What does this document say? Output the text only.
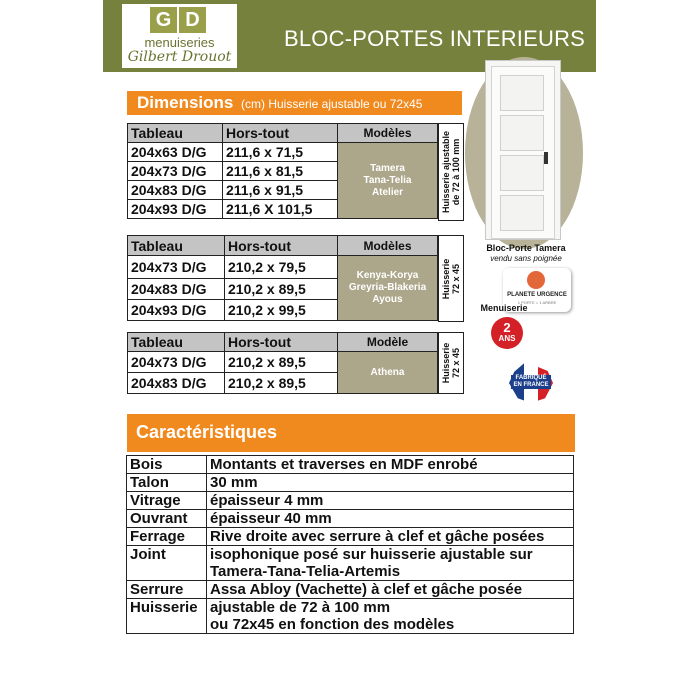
G D
menuiseries
Gilbert Drouot
BLOC-PORTES INTERIEURS
Dimensions (cm) Huisserie ajustable ou 72x45
Tableau	Hors-tout	Modèles
204x63 D/G	211,6 x 71,5	Tamera
Tana-Telia
Atelier

204x73 D/G	211,6 x 81,5	
204x83 D/G	211,6 x 91,5	
204x93 D/G	211,6 X 101,5		Huisserie ajustable de 72 à 100 mm
Tableau	Hors-tout	Modèles
204x73 D/G	210,2 x 79,5	Kenya-Korya
Greyria-Blakeria
Ayous

204x83 D/G	210,2 x 89,5	
204x93 D/G	210,2 x 99,5	
Huisserie 72 x 45
Tableau	Hors-tout	Modèle
204x73 D/G	210,2 x 89,5	Athena

204x83 D/G	210,2 x 89,5		Huisserie 72 x 45
Bloc-Porte Tamera
vendu sans poignée
PLANETE URGENCE
1 PORTE = 1 ARBRE
Menuiserie
2
ANS
FABRIQUÉ EN FRANCE
Caractéristiques
Bois	Montants et traverses en MDF enrobé
Talon	30 mm
Vitrage	épaisseur 4 mm
Ouvrant	épaisseur 40 mm
Ferrage	Rive droite avec serrure à clef et gâche posées
Joint	isophonique posé sur huisserie ajustable sur
Tamera-Tana-Telia-Artemis
Serrure	Assa Abloy (Vachette) à clef et gâche posée
Huisserie	ajustable de 72 à 100 mm
ou 72x45 en fonction des modèles
